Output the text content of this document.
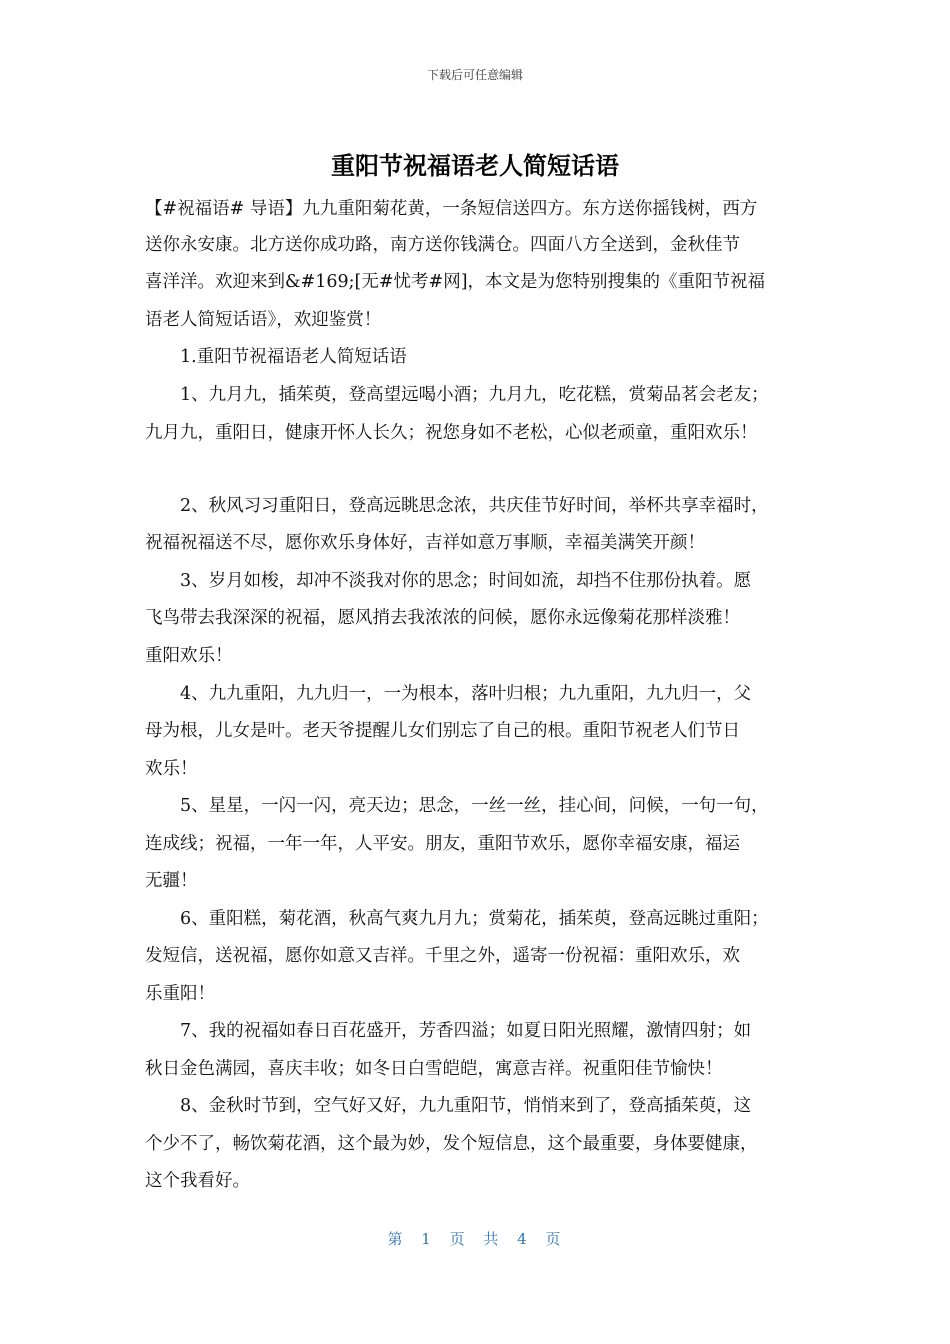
下载后可任意编辑
重阳节祝福语老人简短话语
【#祝福语# 导语】九九重阳菊花黄，一条短信送四方。东方送你摇钱树，西方
送你永安康。北方送你成功路，南方送你钱满仓。四面八方全送到，金秋佳节
喜洋洋。欢迎来到&#169;[无#忧考#网]，本文是为您特别搜集的《重阳节祝福
语老人简短话语》，欢迎鉴赏！
　　1.重阳节祝福语老人简短话语
　　1、九月九，插茱萸，登高望远喝小酒；九月九，吃花糕，赏菊品茗会老友；
九月九，重阳日，健康开怀人长久；祝您身如不老松，心似老顽童，重阳欢乐！
　　2、秋风习习重阳日，登高远眺思念浓，共庆佳节好时间，举杯共享幸福时，
祝福祝福送不尽，愿你欢乐身体好，吉祥如意万事顺，幸福美满笑开颜！
　　3、岁月如梭，却冲不淡我对你的思念；时间如流，却挡不住那份执着。愿
飞鸟带去我深深的祝福，愿风捎去我浓浓的问候，愿你永远像菊花那样淡雅！
重阳欢乐！
　　4、九九重阳，九九归一，一为根本，落叶归根；九九重阳，九九归一，父
母为根，儿女是叶。老天爷提醒儿女们别忘了自己的根。重阳节祝老人们节日
欢乐！
　　5、星星，一闪一闪，亮天边；思念，一丝一丝，挂心间，问候，一句一句，
连成线；祝福，一年一年，人平安。朋友，重阳节欢乐，愿你幸福安康，福运
无疆！
　　6、重阳糕，菊花酒，秋高气爽九月九；赏菊花，插茱萸，登高远眺过重阳；
发短信，送祝福，愿你如意又吉祥。千里之外，遥寄一份祝福：重阳欢乐，欢
乐重阳！
　　7、我的祝福如春日百花盛开，芳香四溢；如夏日阳光照耀，激情四射；如
秋日金色满园，喜庆丰收；如冬日白雪皑皑，寓意吉祥。祝重阳佳节愉快！
　　8、金秋时节到，空气好又好，九九重阳节，悄悄来到了，登高插茱萸，这
个少不了，畅饮菊花酒，这个最为妙，发个短信息，这个最重要，身体要健康，
这个我看好。
第 1 页 共 4 页
